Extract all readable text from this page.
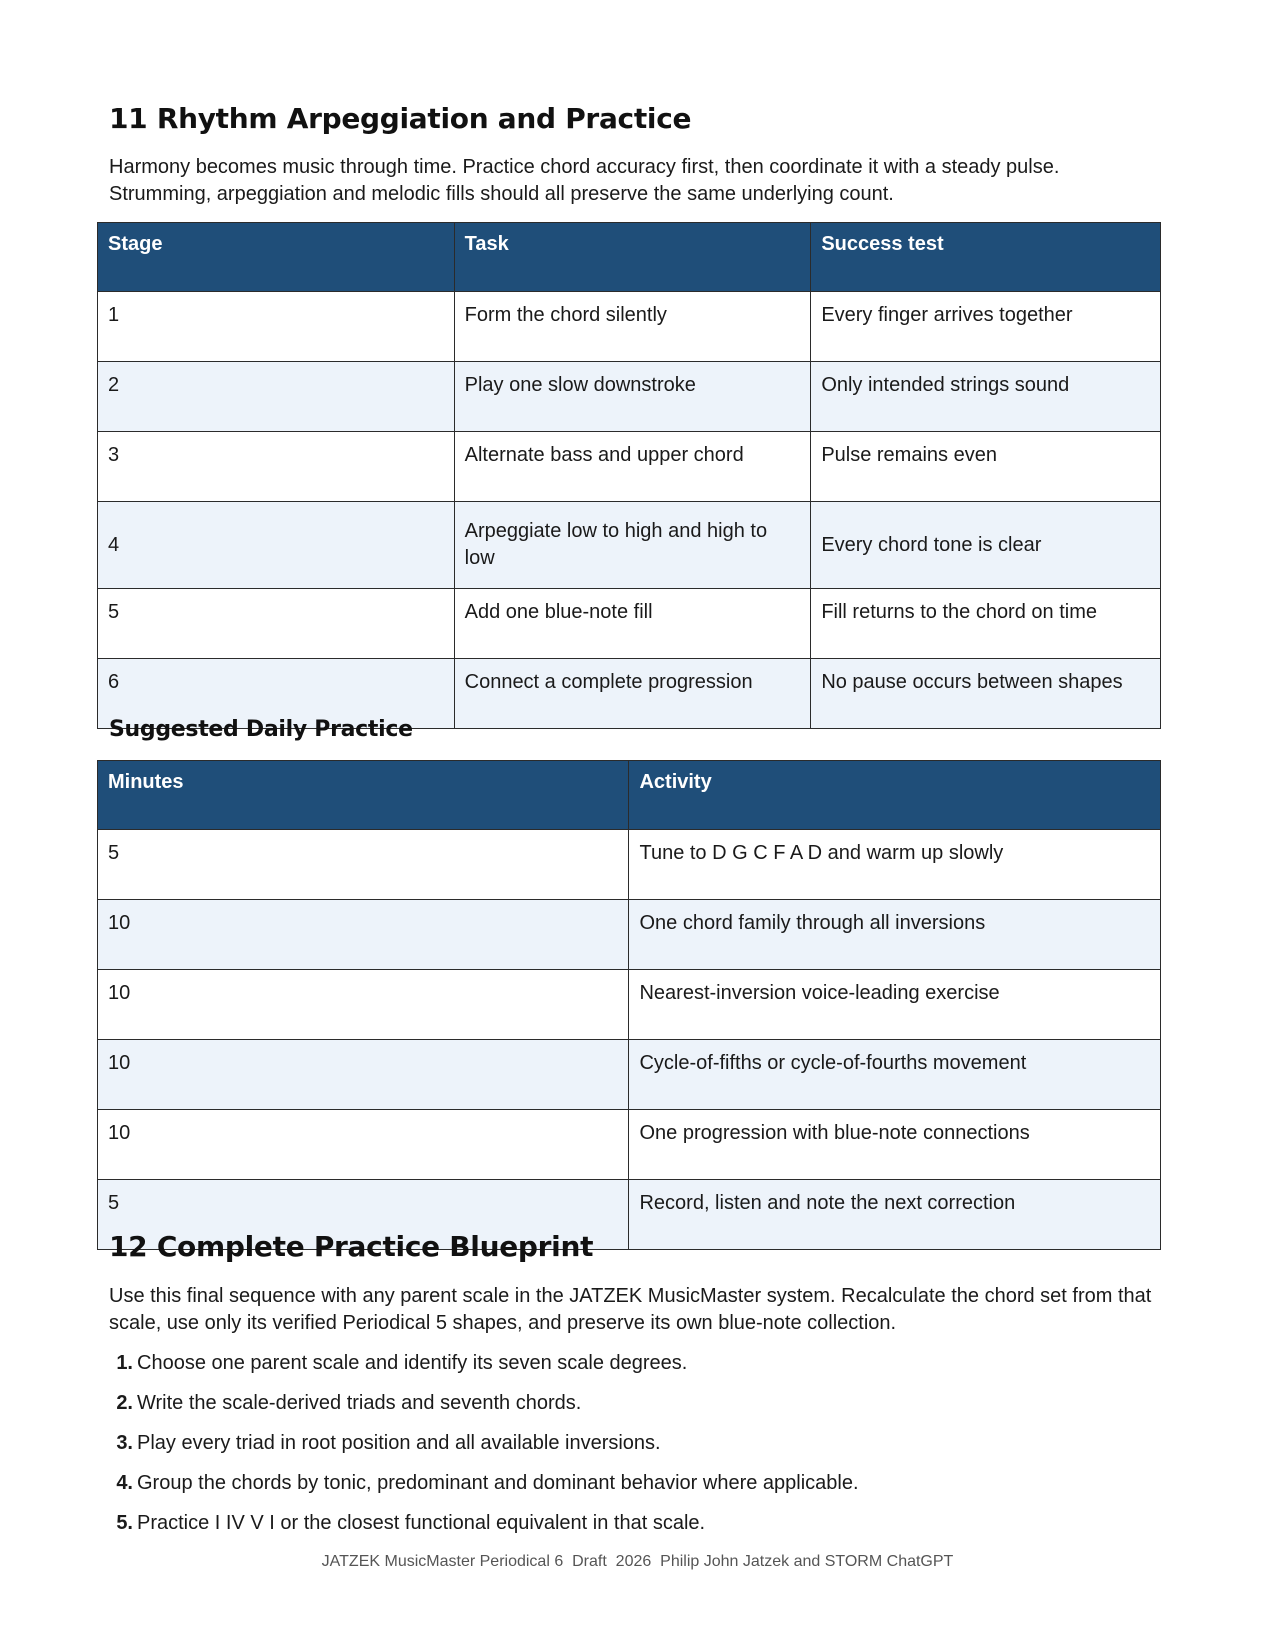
11 Rhythm Arpeggiation and Practice

Harmony becomes music through time. Practice chord accuracy first, then coordinate it with a steady pulse. Strumming, arpeggiation and melodic fills should all preserve the same underlying count.

Stage	Task	Success test
1	Form the chord silently	Every finger arrives together
2	Play one slow downstroke	Only intended strings sound
3	Alternate bass and upper chord	Pulse remains even
4	Arpeggiate low to high and high to low	Every chord tone is clear
5	Add one blue-note fill	Fill returns to the chord on time
6	Connect a complete progression	No pause occurs between shapes
Suggested Daily Practice
Minutes	Activity
5	Tune to D G C F A D and warm up slowly
10	One chord family through all inversions
10	Nearest-inversion voice-leading exercise
10	Cycle-of-fifths or cycle-of-fourths movement
10	One progression with blue-note connections
5	Record, listen and note the next correction
12 Complete Practice Blueprint

Use this final sequence with any parent scale in the JATZEK MusicMaster system. Recalculate the chord set from that scale, use only its verified Periodical 5 shapes, and preserve its own blue-note collection.

1. Choose one parent scale and identify its seven scale degrees.
2. Write the scale-derived triads and seventh chords.
3. Play every triad in root position and all available inversions.
4. Group the chords by tonic, predominant and dominant behavior where applicable.
5. Practice I IV V I or the closest functional equivalent in that scale.
JATZEK MusicMaster Periodical 6  Draft  2026  Philip John Jatzek and STORM ChatGPT
